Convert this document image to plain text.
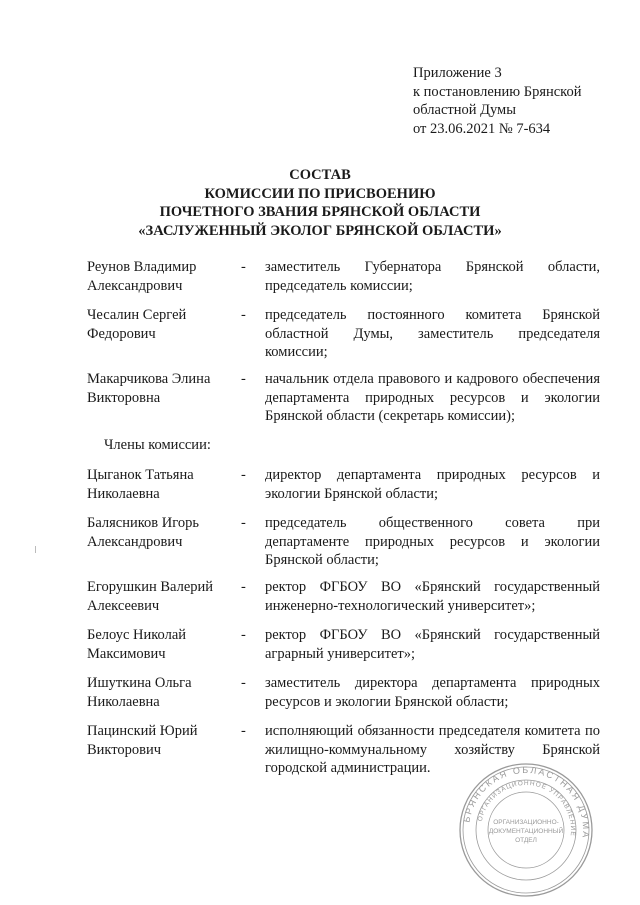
Приложение 3
к постановлению Брянской
областной Думы
от 23.06.2021 № 7-634
СОСТАВ
КОМИССИИ ПО ПРИСВОЕНИЮ
ПОЧЕТНОГО ЗВАНИЯ БРЯНСКОЙ ОБЛАСТИ
«ЗАСЛУЖЕННЫЙ ЭКОЛОГ БРЯНСКОЙ ОБЛАСТИ»
Реунов Владимир
Александрович
- заместитель Губернатора Брянской области, председатель комиссии;
Чесалин Сергей
Федорович
- председатель постоянного комитета Брянской областной Думы, заместитель председателя комиссии;
Макарчикова Элина
Викторовна
- начальник отдела правового и кадрового обеспечения департамента природных ресурсов и экологии Брянской области (секретарь комиссии);
Члены комиссии:
Цыганок Татьяна
Николаевна
- директор департамента природных ресурсов и экологии Брянской области;
Балясников Игорь
Александрович
- председатель общественного совета при департаменте природных ресурсов и экологии Брянской области;
Егорушкин Валерий
Алексеевич
- ректор ФГБОУ ВО «Брянский государственный инженерно-технологический университет»;
Белоус Николай
Максимович
- ректор ФГБОУ ВО «Брянский государственный аграрный университет»;
Ишуткина Ольга
Николаевна
- заместитель директора департамента природных ресурсов и экологии Брянской области;
Пацинский Юрий
Викторович
- исполняющий обязанности председателя комитета по жилищно-коммунальному хозяйству Брянской городской администрации.
БРЯНСКАЯ ОБЛАСТНАЯ ДУМА
ОРГАНИЗАЦИОННОЕ УПРАВЛЕНИЕ
ОРГАНИЗАЦИОННО-
ДОКУМЕНТАЦИОННЫЙ
ОТДЕЛ
